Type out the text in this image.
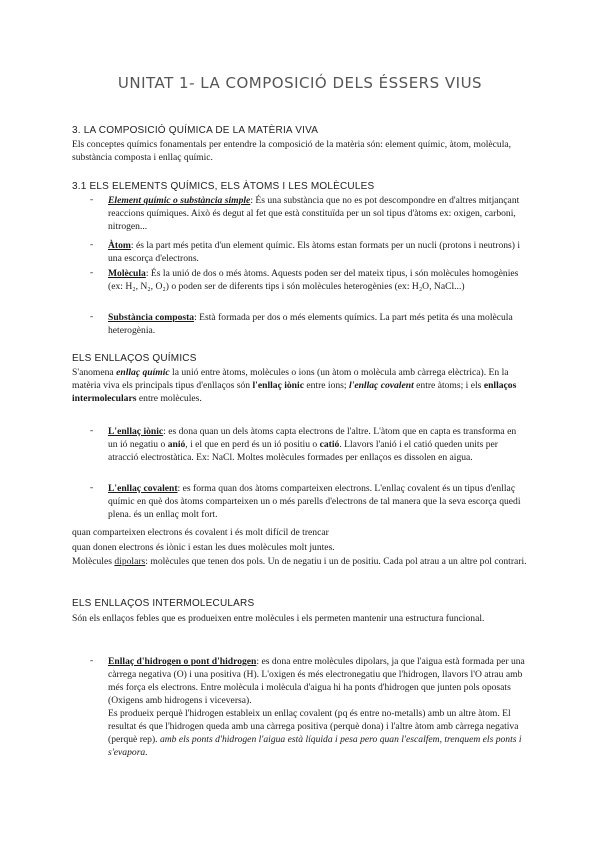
UNITAT 1- LA COMPOSICIÓ DELS ÉSSERS VIUS
3. LA COMPOSICIÓ QUÍMICA DE LA MATÈRIA VIVA
Els conceptes químics fonamentals per entendre la composició de la matèria són: element químic, àtom, molècula, substància composta i enllaç químic.
3.1 ELS ELEMENTS QUÍMICS, ELS ÀTOMS I LES MOLÈCULES
- Element químic o substància simple: És una substància que no es pot descompondre en d'altres mitjançant reaccions químiques. Això és degut al fet que està constituïda per un sol tipus d'àtoms ex: oxigen, carboni, nitrogen...
- Àtom: és la part més petita d'un element químic. Els àtoms estan formats per un nucli (protons i neutrons) i una escorça d'electrons.
- Molècula: És la unió de dos o més àtoms. Aquests poden ser del mateix tipus, i són molècules homogènies (ex: H₂, N₂, O₂) o poden ser de diferents tips i són molècules heterogènies (ex: H₂O, NaCl...)
- Substància composta: Està formada per dos o més elements químics. La part més petita és una molècula heterogènia.
ELS ENLLAÇOS QUÍMICS
S'anomena enllaç químic la unió entre àtoms, molècules o ions (un àtom o molècula amb càrrega elèctrica). En la matèria viva els principals tipus d'enllaços són l'enllaç iònic entre ions; l'enllaç covalent entre àtoms; i els enllaços intermoleculars entre molècules.
- L'enllaç iònic: es dona quan un dels àtoms capta electrons de l'altre. L'àtom que en capta es transforma en un ió negatiu o anió, i el que en perd és un ió positiu o catió. Llavors l'anió i el catió queden units per atracció electrostàtica. Ex: NaCl. Moltes molècules formades per enllaços es dissolen en aigua.
- L'enllaç covalent: es forma quan dos àtoms comparteixen electrons. L'enllaç covalent és un tipus d'enllaç químic en què dos àtoms comparteixen un o més parells d'electrons de tal manera que la seva escorça quedi plena. és un enllaç molt fort.
quan comparteixen electrons és covalent i és molt difícil de trencar
quan donen electrons és iònic i estan les dues molècules molt juntes.
Molècules dipolars: molècules que tenen dos pols. Un de negatiu i un de positiu. Cada pol atrau a un altre pol contrari.
ELS ENLLAÇOS INTERMOLECULARS
Són els enllaços febles que es produeixen entre molècules i els permeten mantenir una estructura funcional.
- Enllaç d'hidrogen o pont d'hidrogen: es dona entre molècules dipolars, ja que l'aigua està formada per una càrrega negativa (O) i una positiva (H). L'oxigen és més electronegatiu que l'hidrogen, llavors l'O atrau amb més força els electrons. Entre molècula i molècula d'aigua hi ha ponts d'hidrogen que junten pols oposats (Oxigens amb hidrogens i viceversa).
Es produeix perquè l'hidrogen estableix un enllaç covalent (pq és entre no-metalls) amb un altre àtom. El resultat és que l'hidrogen queda amb una càrrega positiva (perquè dona) i l'altre àtom amb càrrega negativa (perquè rep). amb els ponts d'hidrogen l'aigua està líquida i pesa pero quan l'escalfem, trenquem els ponts i s'evapora.
